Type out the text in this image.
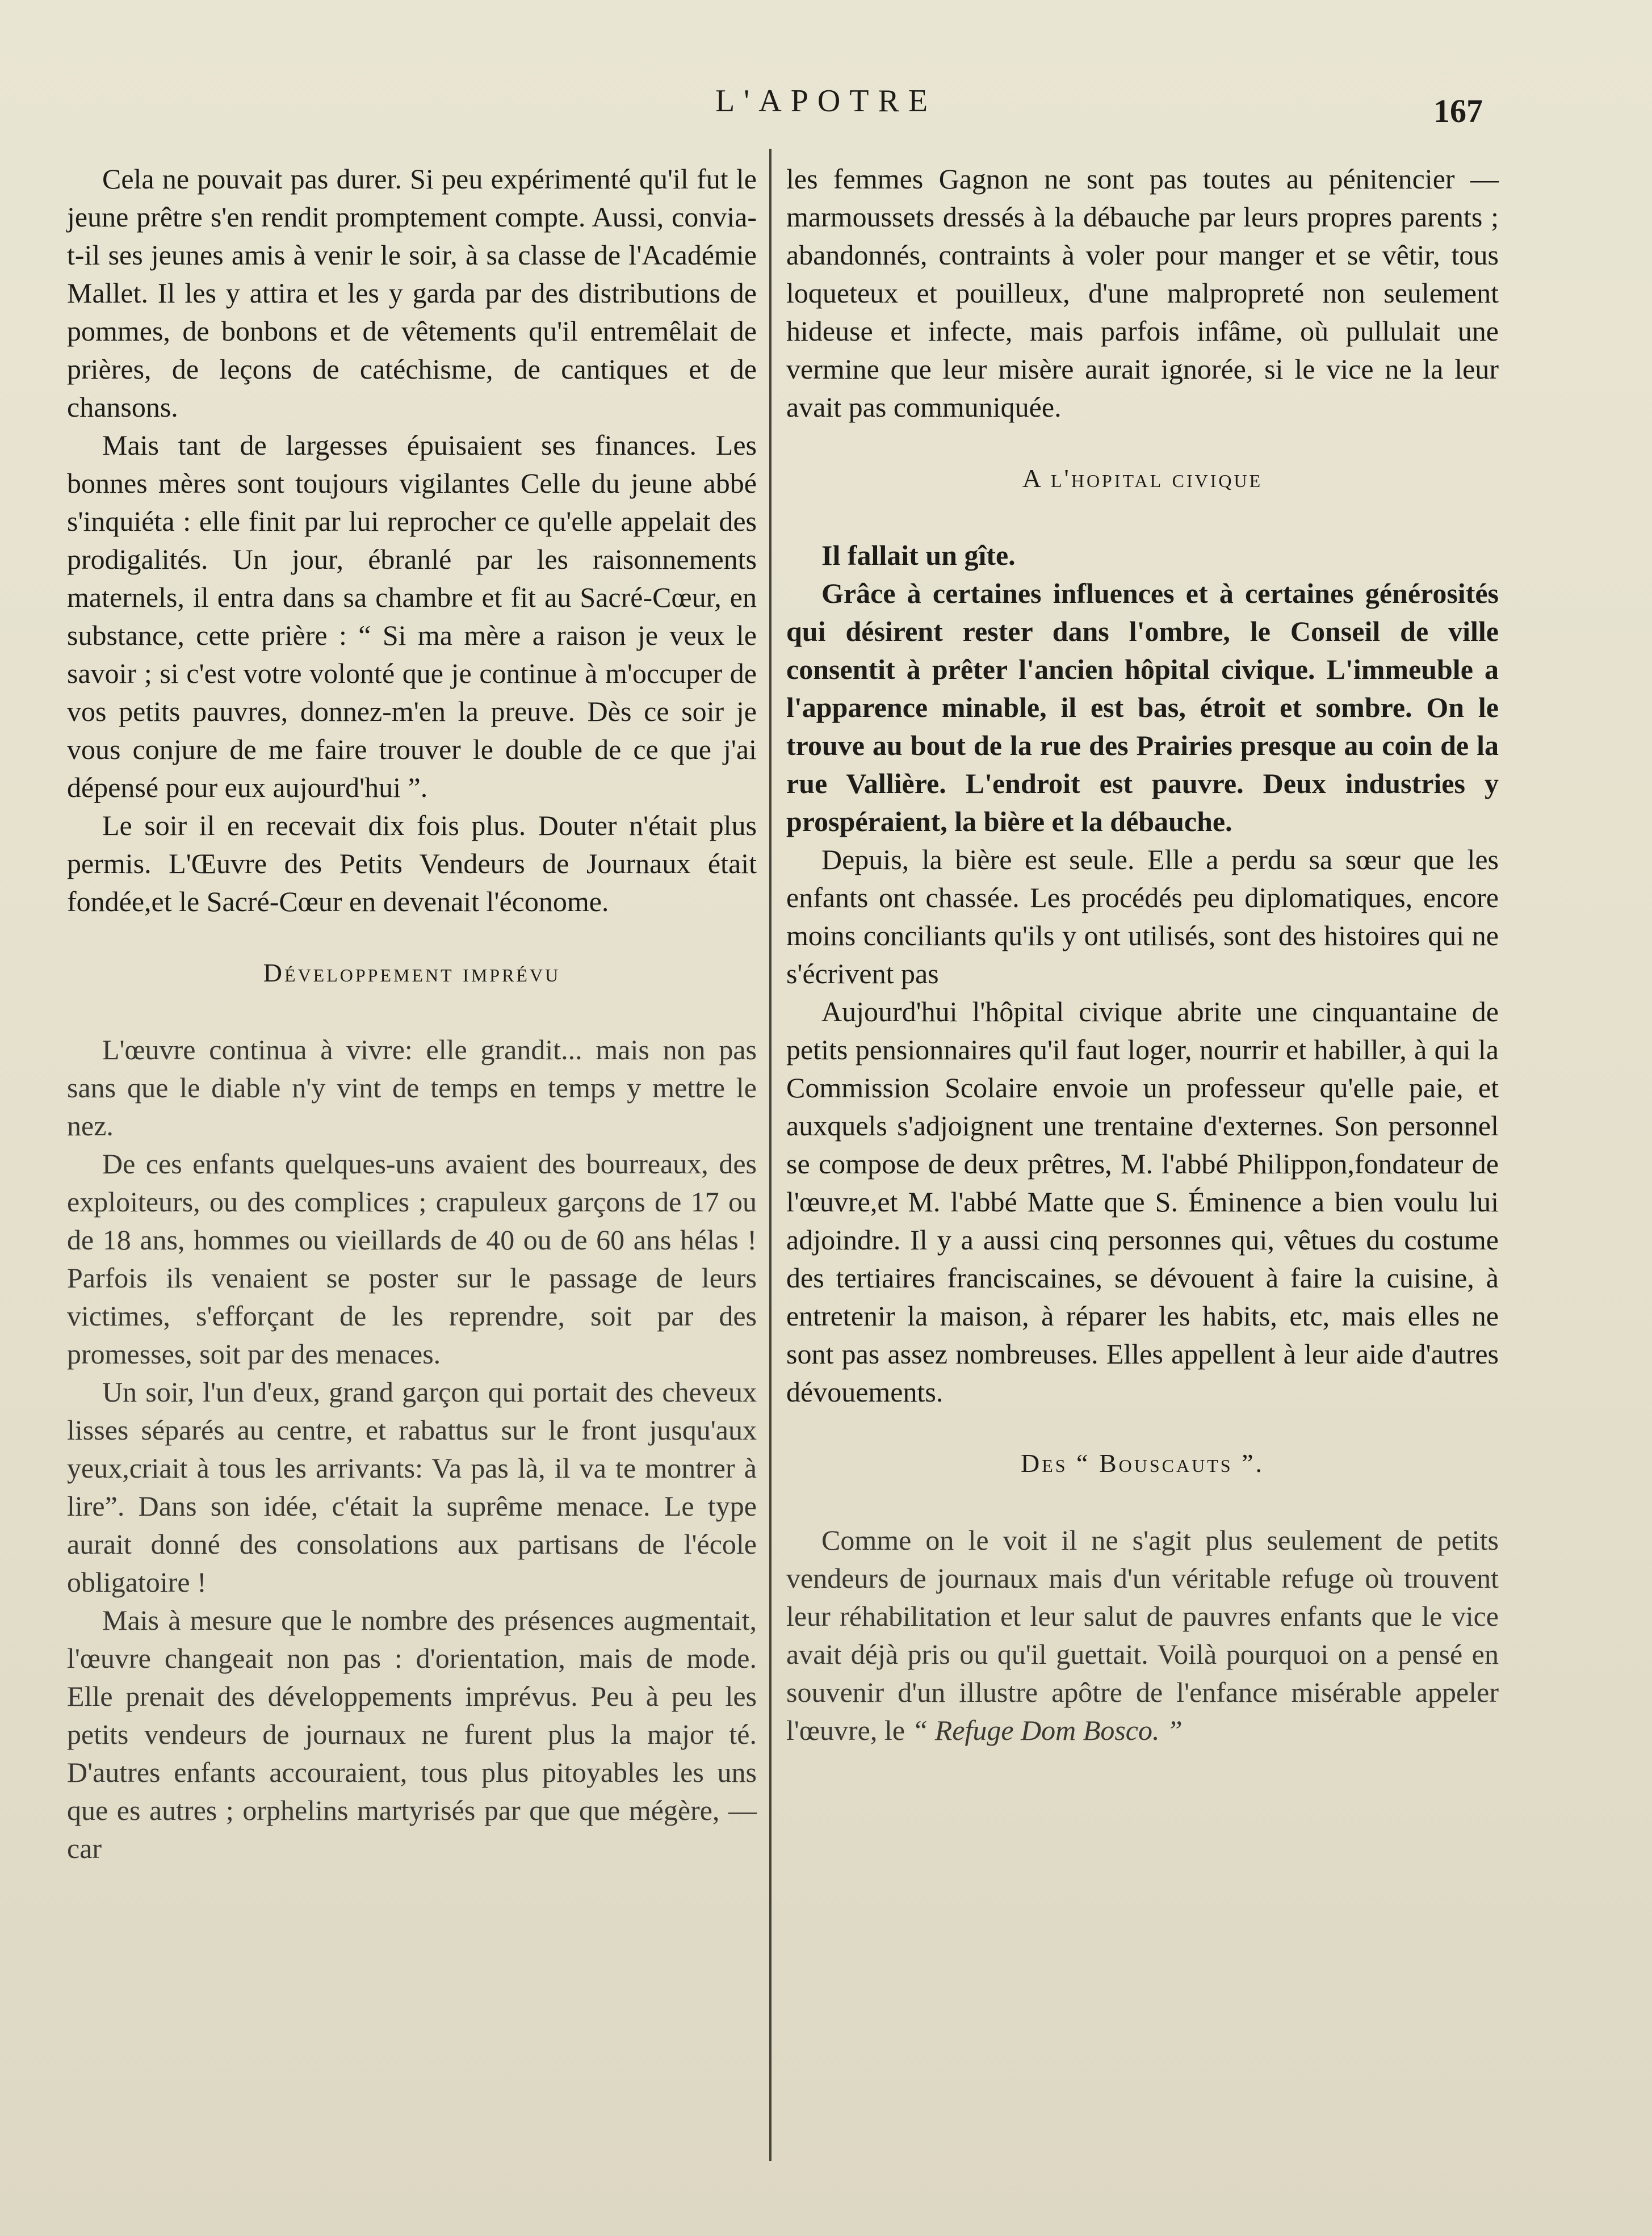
L'APOTRE	167

Cela ne pouvait pas durer. Si peu expérimenté qu'il fut le jeune prêtre s'en rendit promptement compte. Aussi, convia-t-il ses jeunes amis à venir le soir, à sa classe de l'Académie Mallet. Il les y attira et les y garda par des distributions de pommes, de bonbons et de vêtements qu'il entremêlait de prières, de leçons de catéchisme, de cantiques et de chansons.

Mais tant de largesses épuisaient ses finances. Les bonnes mères sont toujours vigilantes Celle du jeune abbé s'inquiéta : elle finit par lui reprocher ce qu'elle appelait des prodigalités. Un jour, ébranlé par les raisonnements maternels, il entra dans sa chambre et fit au Sacré-Cœur, en substance, cette prière : “ Si ma mère a raison je veux le savoir ; si c'est votre volonté que je continue à m'occuper de vos petits pauvres, donnez-m'en la preuve. Dès ce soir je vous conjure de me faire trouver le double de ce que j'ai dépensé pour eux aujourd'hui ”.

Le soir il en recevait dix fois plus. Douter n'était plus permis. L'Œuvre des Petits Vendeurs de Journaux était fondée,et le Sacré-Cœur en devenait l'économe.

Développement imprévu

L'œuvre continua à vivre: elle grandit... mais non pas sans que le diable n'y vint de temps en temps y mettre le nez.

De ces enfants quelques-uns avaient des bourreaux, des exploiteurs, ou des complices ; crapuleux garçons de 17 ou de 18 ans, hommes ou vieillards de 40 ou de 60 ans hélas ! Parfois ils venaient se poster sur le passage de leurs victimes, s'efforçant de les reprendre, soit par des promesses, soit par des menaces.

Un soir, l'un d'eux, grand garçon qui portait des cheveux lisses séparés au centre, et rabattus sur le front jusqu'aux yeux,criait à tous les arrivants: Va pas là, il va te montrer à lire”. Dans son idée, c'était la suprême menace. Le type aurait donné des consolations aux partisans de l'école obligatoire !

Mais à mesure que le nombre des présences augmentait, l'œuvre changeait non pas : d'orientation, mais de mode. Elle prenait des développements imprévus. Peu à peu les petits vendeurs de journaux ne furent plus la major té. D'autres enfants accouraient, tous plus pitoyables les uns que es autres ; orphelins martyrisés par que que mégère, — car

les femmes Gagnon ne sont pas toutes au pénitencier — marmoussets dressés à la débauche par leurs propres parents ; abandonnés, contraints à voler pour manger et se vêtir, tous loqueteux et pouilleux, d'une malpropreté non seulement hideuse et infecte, mais parfois infâme, où pullulait une vermine que leur misère aurait ignorée, si le vice ne la leur avait pas communiquée.

A l'hopital civique

Il fallait un gîte.

Grâce à certaines influences et à certaines générosités qui désirent rester dans l'ombre, le Conseil de ville consentit à prêter l'ancien hôpital civique. L'immeuble a l'apparence minable, il est bas, étroit et sombre. On le trouve au bout de la rue des Prairies presque au coin de la rue Vallière. L'endroit est pauvre. Deux industries y prospéraient, la bière et la débauche.

Depuis, la bière est seule. Elle a perdu sa sœur que les enfants ont chassée. Les procédés peu diplomatiques, encore moins conciliants qu'ils y ont utilisés, sont des histoires qui ne s'écrivent pas

Aujourd'hui l'hôpital civique abrite une cinquantaine de petits pensionnaires qu'il faut loger, nourrir et habiller, à qui la Commission Scolaire envoie un professeur qu'elle paie, et auxquels s'adjoignent une trentaine d'externes. Son personnel se compose de deux prêtres, M. l'abbé Philippon,fondateur de l'œuvre,et M. l'abbé Matte que S. Éminence a bien voulu lui adjoindre. Il y a aussi cinq personnes qui, vêtues du costume des tertiaires franciscaines, se dévouent à faire la cuisine, à entretenir la maison, à réparer les habits, etc, mais elles ne sont pas assez nombreuses. Elles appellent à leur aide d'autres dévouements.

Des “ Bouscauts ”.

Comme on le voit il ne s'agit plus seulement de petits vendeurs de journaux mais d'un véritable refuge où trouvent leur réhabilitation et leur salut de pauvres enfants que le vice avait déjà pris ou qu'il guettait. Voilà pourquoi on a pensé en souvenir d'un illustre apôtre de l'enfance misérable appeler l'œuvre, le “ Refuge Dom Bosco. ”
